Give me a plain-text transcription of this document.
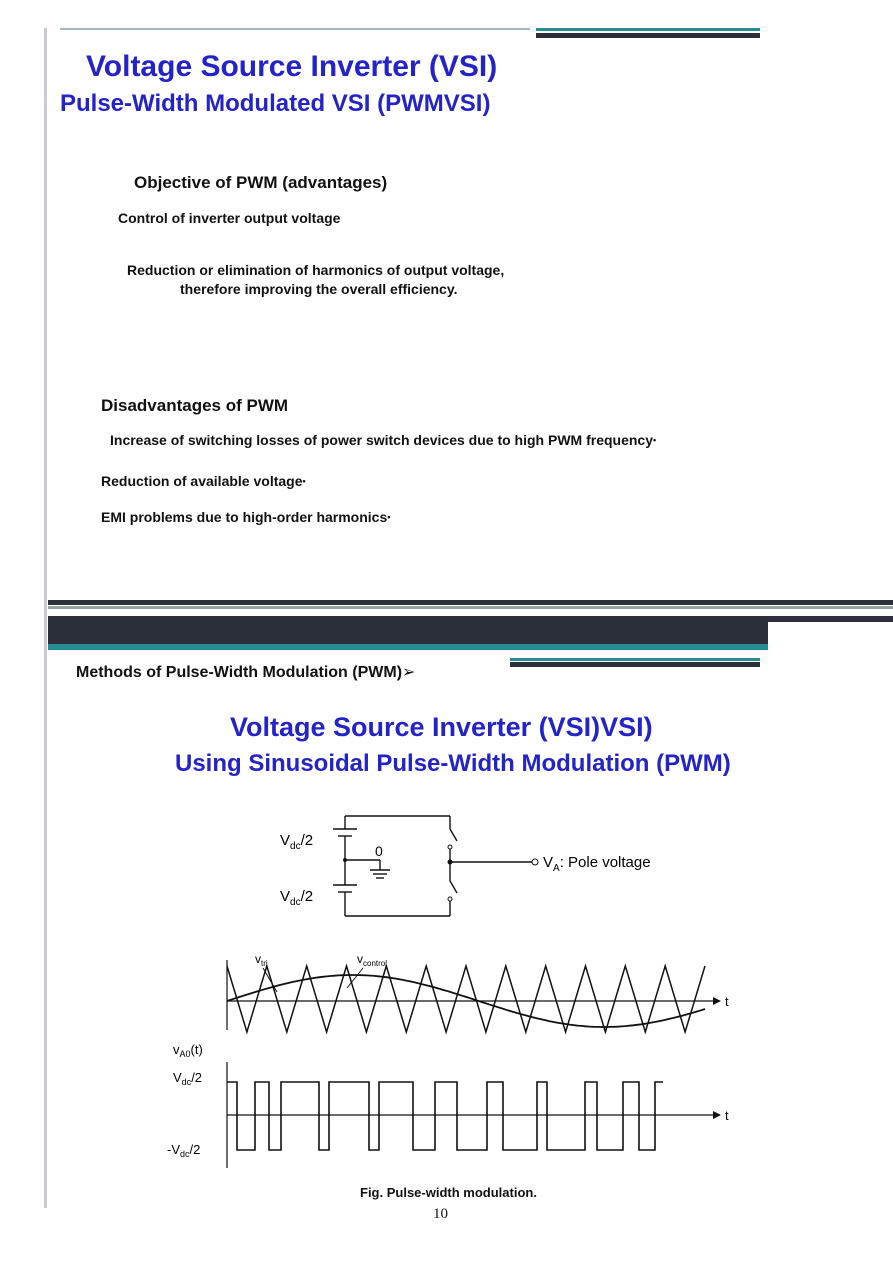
Voltage Source Inverter (VSI)
Pulse-Width Modulated VSI (PWMVSI)
Objective of PWM (advantages)
Control of inverter output voltage
Reduction or elimination of harmonics of output voltage,
therefore improving the overall efficiency.
Disadvantages of PWM
Increase of switching losses of power switch devices due to high PWM frequency•
Reduction of available voltage•
EMI problems due to high-order harmonics•
Methods of Pulse-Width Modulation (PWM)➢
Voltage Source Inverter (VSI)VSI)
Using Sinusoidal Pulse-Width Modulation (PWM)
$V_{dc}/2$
$V_{dc}/2$
0
$V_A$: Pole voltage
$v_{tri}$	$v_{control}$
t
$v_{A0}(t)$
$V_{dc}/2$
$-V_{dc}/2$
t
Fig. Pulse-width modulation.
10
